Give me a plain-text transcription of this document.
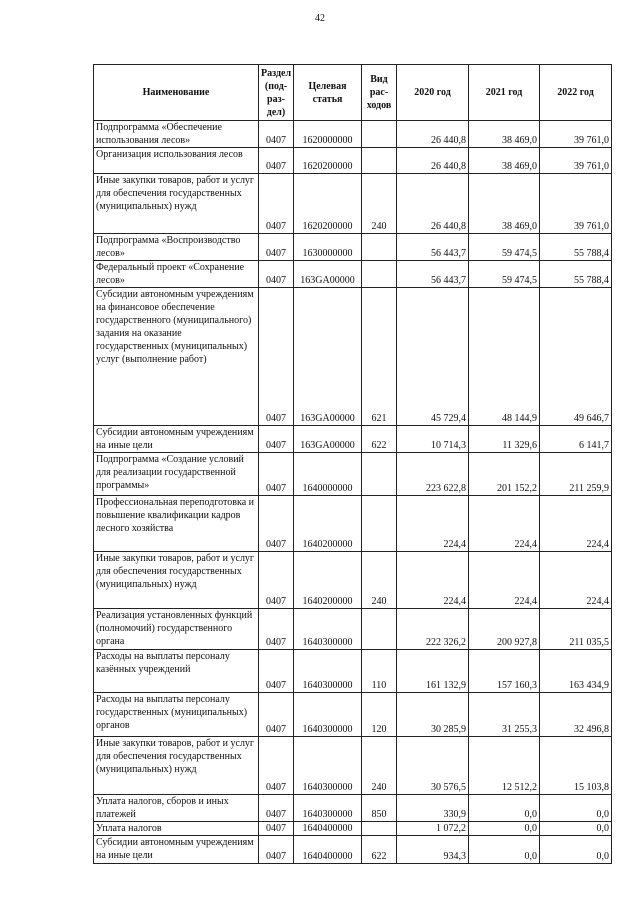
42
Наименование	Раздел (под-раз-дел)	Целевая статья	Вид рас-ходов	2020 год	2021 год	2022 год
Подпрограмма «Обеспечение использования лесов»	0407	1620000000		26 440,8	38 469,0	39 761,0
Организация использования лесов	0407	1620200000		26 440,8	38 469,0	39 761,0
Иные закупки товаров, работ и услуг для обеспечения государственных (муниципальных) нужд	0407	1620200000	240	26 440,8	38 469,0	39 761,0
Подпрограмма «Воспроизводство лесов»	0407	1630000000		56 443,7	59 474,5	55 788,4
Федеральный проект «Сохранение лесов»	0407	163GA00000		56 443,7	59 474,5	55 788,4
Субсидии автономным учреждениям на финансовое обеспечение государственного (муниципального) задания на оказание государственных (муниципальных) услуг (выполнение работ)	0407	163GA00000	621	45 729,4	48 144,9	49 646,7
Субсидии автономным учреждениям на иные цели	0407	163GA00000	622	10 714,3	11 329,6	6 141,7
Подпрограмма «Создание условий для реализации государственной программы»	0407	1640000000		223 622,8	201 152,2	211 259,9
Профессиональная переподготовка и повышение квалификации кадров лесного хозяйства	0407	1640200000		224,4	224,4	224,4
Иные закупки товаров, работ и услуг для обеспечения государственных (муниципальных) нужд	0407	1640200000	240	224,4	224,4	224,4
Реализация установленных функций (полномочий) государственного органа	0407	1640300000		222 326,2	200 927,8	211 035,5
Расходы на выплаты персоналу казённых учреждений	0407	1640300000	110	161 132,9	157 160,3	163 434,9
Расходы на выплаты персоналу государственных (муниципальных) органов	0407	1640300000	120	30 285,9	31 255,3	32 496,8
Иные закупки товаров, работ и услуг для обеспечения государственных (муниципальных) нужд	0407	1640300000	240	30 576,5	12 512,2	15 103,8
Уплата налогов, сборов и иных платежей	0407	1640300000	850	330,9	0,0	0,0
Уплата налогов	0407	1640400000		1 072,2	0,0	0,0
Субсидии автономным учреждениям на иные цели	0407	1640400000	622	934,3	0,0	0,0
